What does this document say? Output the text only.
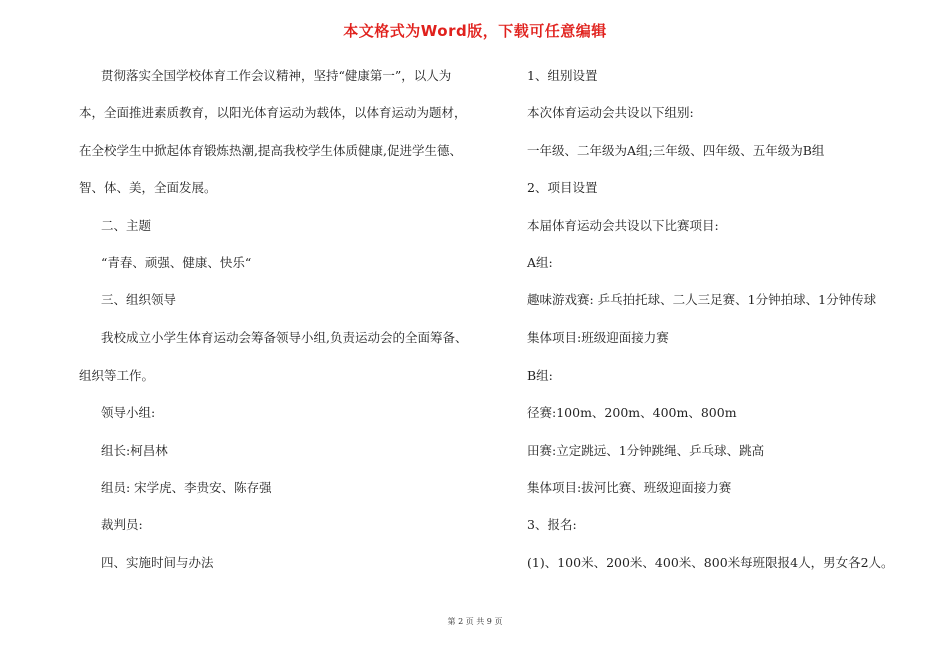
本文格式为Word版，下载可任意编辑
贯彻落实全国学校体育工作会议精神，坚持“健康第一”，以人为
本，全面推进素质教育，以阳光体育运动为载体，以体育运动为题材，
在全校学生中掀起体育锻炼热潮,提高我校学生体质健康,促进学生德、
智、体、美，全面发展。
二、主题
“青春、顽强、健康、快乐“
三、组织领导
我校成立小学生体育运动会筹备领导小组,负责运动会的全面筹备、
组织等工作。
领导小组:
组长:柯昌林
组员: 宋学虎、李贵安、陈存强
裁判员:
四、实施时间与办法
1、组别设置
本次体育运动会共设以下组别:
一年级、二年级为A组;三年级、四年级、五年级为B组
2、项目设置
本届体育运动会共设以下比赛项目:
A组:
趣味游戏赛: 乒乓拍托球、二人三足赛、1分钟拍球、1分钟传球
集体项目:班级迎面接力赛
B组:
径赛:100m、200m、400m、800m
田赛:立定跳远、1分钟跳绳、乒乓球、跳高
集体项目:拔河比赛、班级迎面接力赛
3、报名:
(1)、100米、200米、400米、800米每班限报4人，男女各2人。
第 2 页 共 9 页
